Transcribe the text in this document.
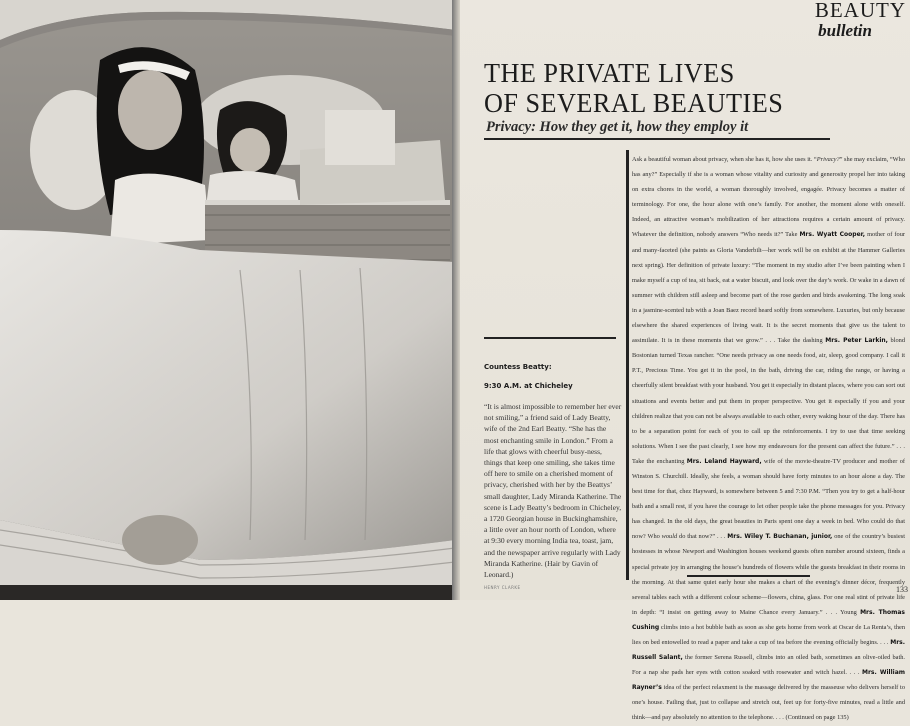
BEAUTY
bulletin
THE PRIVATE LIVES
OF SEVERAL BEAUTIES
Privacy: How they get it, how they employ it
Ask a beautiful woman about privacy, when she has it, how she uses it. “Privacy?” she may exclaim, “Who has any?” Especially if she is a woman whose vitality and curiosity and generosity propel her into taking on extra chores in the world, a woman thoroughly involved, engagée. Privacy becomes a matter of terminology. For one, the hour alone with one’s family. For another, the moment alone with oneself. Indeed, an attractive woman’s mobilization of her attractions requires a certain amount of privacy. Whatever the definition, nobody answers “Who needs it?” Take Mrs. Wyatt Cooper, mother of four and many-faceted (she paints as Gloria Vanderbilt—her work will be on exhibit at the Hammer Galleries next spring). Her definition of private luxury: “The moment in my studio after I’ve been painting when I make myself a cup of tea, sit back, eat a water biscuit, and look over the day’s work. Or wake in a dawn of summer with children still asleep and become part of the rose garden and birds awakening. The long soak in a jasmine-scented tub with a Joan Baez record heard softly from somewhere. Luxuries, but only because elsewhere the shared experiences of living wait. It is the secret moments that give us the talent to assimilate. It is in these moments that we grow.” . . . Take the dashing Mrs. Peter Larkin, blond Bostonian turned Texas rancher. “One needs privacy as one needs food, air, sleep, good company. I call it P.T., Precious Time. You get it in the pool, in the bath, driving the car, riding the range, or having a cheerfully silent breakfast with your husband. You get it especially in distant places, where you can sort out situations and events better and put them in proper perspective. You get it especially if you and your children realize that you can not be always available to each other, every waking hour of the day. There has to be a separation point for each of you to call up the reinforcements. I try to use that time seeking solutions. When I see the past clearly, I see how my endeavours for the present can affect the future.” . . . Take the enchanting Mrs. Leland Hayward, wife of the movie-theatre-TV producer and mother of Winston S. Churchill. Ideally, she feels, a woman should have forty minutes to an hour alone a day. The best time for that, chez Hayward, is somewhere between 5 and 7:30 P.M. “Then you try to get a half-hour bath and a small rest, if you have the courage to let other people take the phone messages for you. Privacy has changed. In the old days, the great beauties in Paris spent one day a week in bed. Who could do that now? Who would do that now?” . . . Mrs. Wiley T. Buchanan, junior, one of the country’s busiest hostesses in whose Newport and Washington houses weekend guests often number around sixteen, finds a special private joy in arranging the house’s hundreds of flowers while the guests breakfast in their rooms in the morning. At that same quiet early hour she makes a chart of the evening’s dinner décor, frequently several tables each with a different colour scheme—flowers, china, glass. For one real stint of private life in depth: “I insist on getting away to Maine Chance every January.” . . . Young Mrs. Thomas Cushing climbs into a hot bubble bath as soon as she gets home from work at Oscar de La Renta’s, then lies on bed entowelled to read a paper and take a cup of tea before the evening officially begins. . . . Mrs. Russell Salant, the former Serena Russell, climbs into an oiled bath, sometimes an olive-oiled bath. For a nap she pads her eyes with cotton soaked with rosewater and witch hazel. . . . Mrs. William Rayner’s idea of the perfect relaxment is the massage delivered by the masseuse who delivers herself to one’s house. Failing that, just to collapse and stretch out, feet up for forty-five minutes, read a little and think—and pay absolutely no attention to the telephone. . . . (Continued on page 135)
Countess Beatty:
9:30 A.M. at Chicheley
“It is almost impossible to remember her ever not smiling,” a friend said of Lady Beatty, wife of the 2nd Earl Beatty. “She has the most enchanting smile in London.” From a life that glows with cheerful busy-ness, things that keep one smiling, she takes time off here to smile on a cherished moment of privacy, cherished with her by the Beattys’ small daughter, Lady Miranda Katherine. The scene is Lady Beatty’s bedroom in Chicheley, a 1720 Georgian house in Buckinghamshire, a little over an hour north of London, where at 9:30 every morning India tea, toast, jam, and the newspaper arrive regularly with Lady Miranda Katherine. (Hair by Gavin of Leonard.)
HENRY CLARKE	133
